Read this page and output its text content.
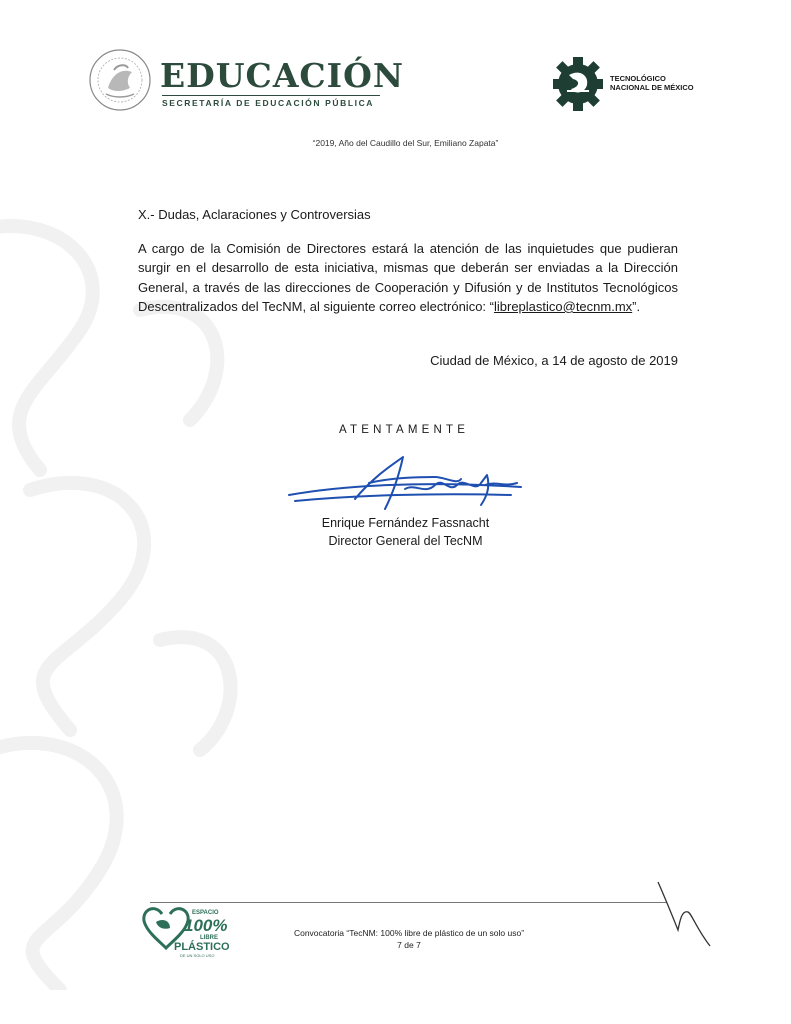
EDUCACIÓN
SECRETARÍA DE EDUCACIÓN PÚBLICA
TECNOLÓGICO
NACIONAL DE MÉXICO
“2019, Año del Caudillo del Sur, Emiliano Zapata”
X.- Dudas, Aclaraciones y Controversias
A cargo de la Comisión de Directores estará la atención de las inquietudes que pudieran surgir en el desarrollo de esta iniciativa, mismas que deberán ser enviadas a la Dirección General, a través de las direcciones de Cooperación y Difusión y de Institutos Tecnológicos Descentralizados del TecNM, al siguiente correo electrónico: “libreplastico@tecnm.mx”.
Ciudad de México, a 14 de agosto de 2019
ATENTAMENTE
Enrique Fernández Fassnacht
Director General del TecNM
ESPACIO
100%
LIBRE
PLÁSTICO
DE UN SOLO USO
Convocatoria “TecNM: 100% libre de plástico de un solo uso”
7 de 7
